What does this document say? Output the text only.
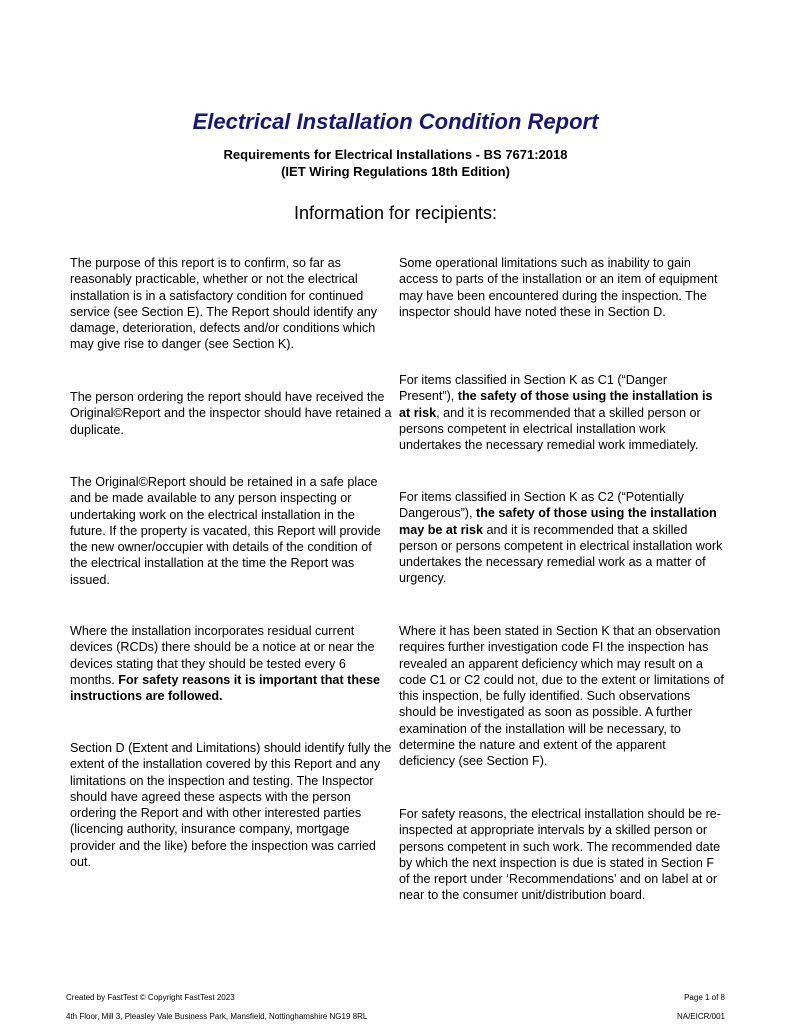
Electrical Installation Condition Report

Requirements for Electrical Installations - BS 7671:2018

(IET Wiring Regulations 18th Edition)

Information for recipients:

The purpose of this report is to confirm, so far as reasonably practicable, whether or not the electrical installation is in a satisfactory condition for continued service (see Section E). The Report should identify any damage, deterioration, defects and/or conditions which may give rise to danger (see Section K).

The person ordering the report should have received the Original©Report and the inspector should have retained a duplicate.

The Original©Report should be retained in a safe place and be made available to any person inspecting or undertaking work on the electrical installation in the future. If the property is vacated, this Report will provide the new owner/occupier with details of the condition of the electrical installation at the time the Report was issued.

Where the installation incorporates residual current devices (RCDs) there should be a notice at or near the devices stating that they should be tested every 6 months. For safety reasons it is important that these instructions are followed.

Section D (Extent and Limitations) should identify fully the extent of the installation covered by this Report and any limitations on the inspection and testing. The Inspector should have agreed these aspects with the person ordering the Report and with other interested parties (licencing authority, insurance company, mortgage provider and the like) before the inspection was carried out.

Some operational limitations such as inability to gain access to parts of the installation or an item of equipment may have been encountered during the inspection. The inspector should have noted these in Section D.

For items classified in Section K as C1 (“Danger Present”), the safety of those using the installation is at risk, and it is recommended that a skilled person or persons competent in electrical installation work undertakes the necessary remedial work immediately.

For items classified in Section K as C2 (“Potentially Dangerous”), the safety of those using the installation may be at risk and it is recommended that a skilled person or persons competent in electrical installation work undertakes the necessary remedial work as a matter of urgency.

Where it has been stated in Section K that an observation requires further investigation code FI the inspection has revealed an apparent deficiency which may result on a code C1 or C2 could not, due to the extent or limitations of this inspection, be fully identified. Such observations should be investigated as soon as possible. A further examination of the installation will be necessary, to determine the nature and extent of the apparent deficiency (see Section F).

For safety reasons, the electrical installation should be re-inspected at appropriate intervals by a skilled person or persons competent in such work. The recommended date by which the next inspection is due is stated in Section F of the report under ‘Recommendations’ and on label at or near to the consumer unit/distribution board.

Created by FastTest © Copyright FastTest 2023

4th Floor, Mill 3, Pleasley Vale Business Park, Mansfield, Nottinghamshire NG19 8RL

Page 1 of 8

NA/EICR/001
